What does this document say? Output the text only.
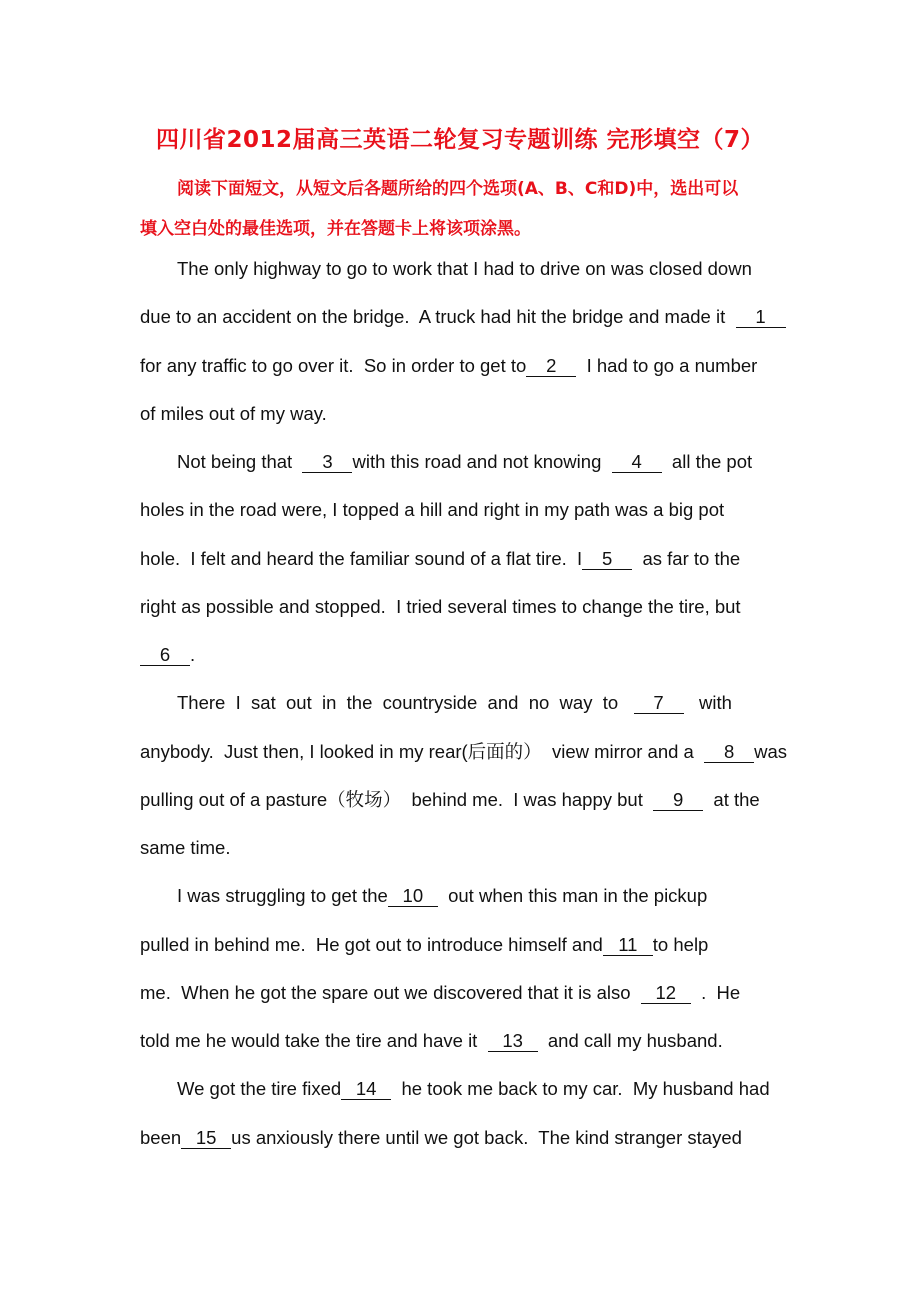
四川省2012届高三英语二轮复习专题训练 完形填空（7）
阅读下面短文，从短文后各题所给的四个选项(A、B、C和D)中，选出可以
填入空白处的最佳选项，并在答题卡上将该项涂黑。
The only highway to go to work that I had to drive on was closed down
due to an accident on the bridge.  A truck had hit the bridge and made it  1
for any traffic to go over it.  So in order to get to 2  I had to go a number
of miles out of my way.
Not being that  3 with this road and not knowing  4  all the pot
holes in the road were, I topped a hill and right in my path was a big pot
hole.  I felt and heard the familiar sound of a flat tire.  I 5  as far to the
right as possible and stopped.  I tried several times to change the tire, but
6 .
There  I  sat  out  in  the  countryside  and  no  way  to   7   with
anybody.  Just then, I looked in my rear(后面的）  view mirror and a  8 was
pulling out of a pasture（牧场）  behind me.  I was happy but  9  at the
same time.
I was struggling to get the 10  out when this man in the pickup
pulled in behind me.  He got out to introduce himself and 11 to help
me.  When he got the spare out we discovered that it is also  12  .  He
told me he would take the tire and have it  13  and call my husband.
We got the tire fixed 14  he took me back to my car.  My husband had
been 15 us anxiously there until we got back.  The kind stranger stayed
